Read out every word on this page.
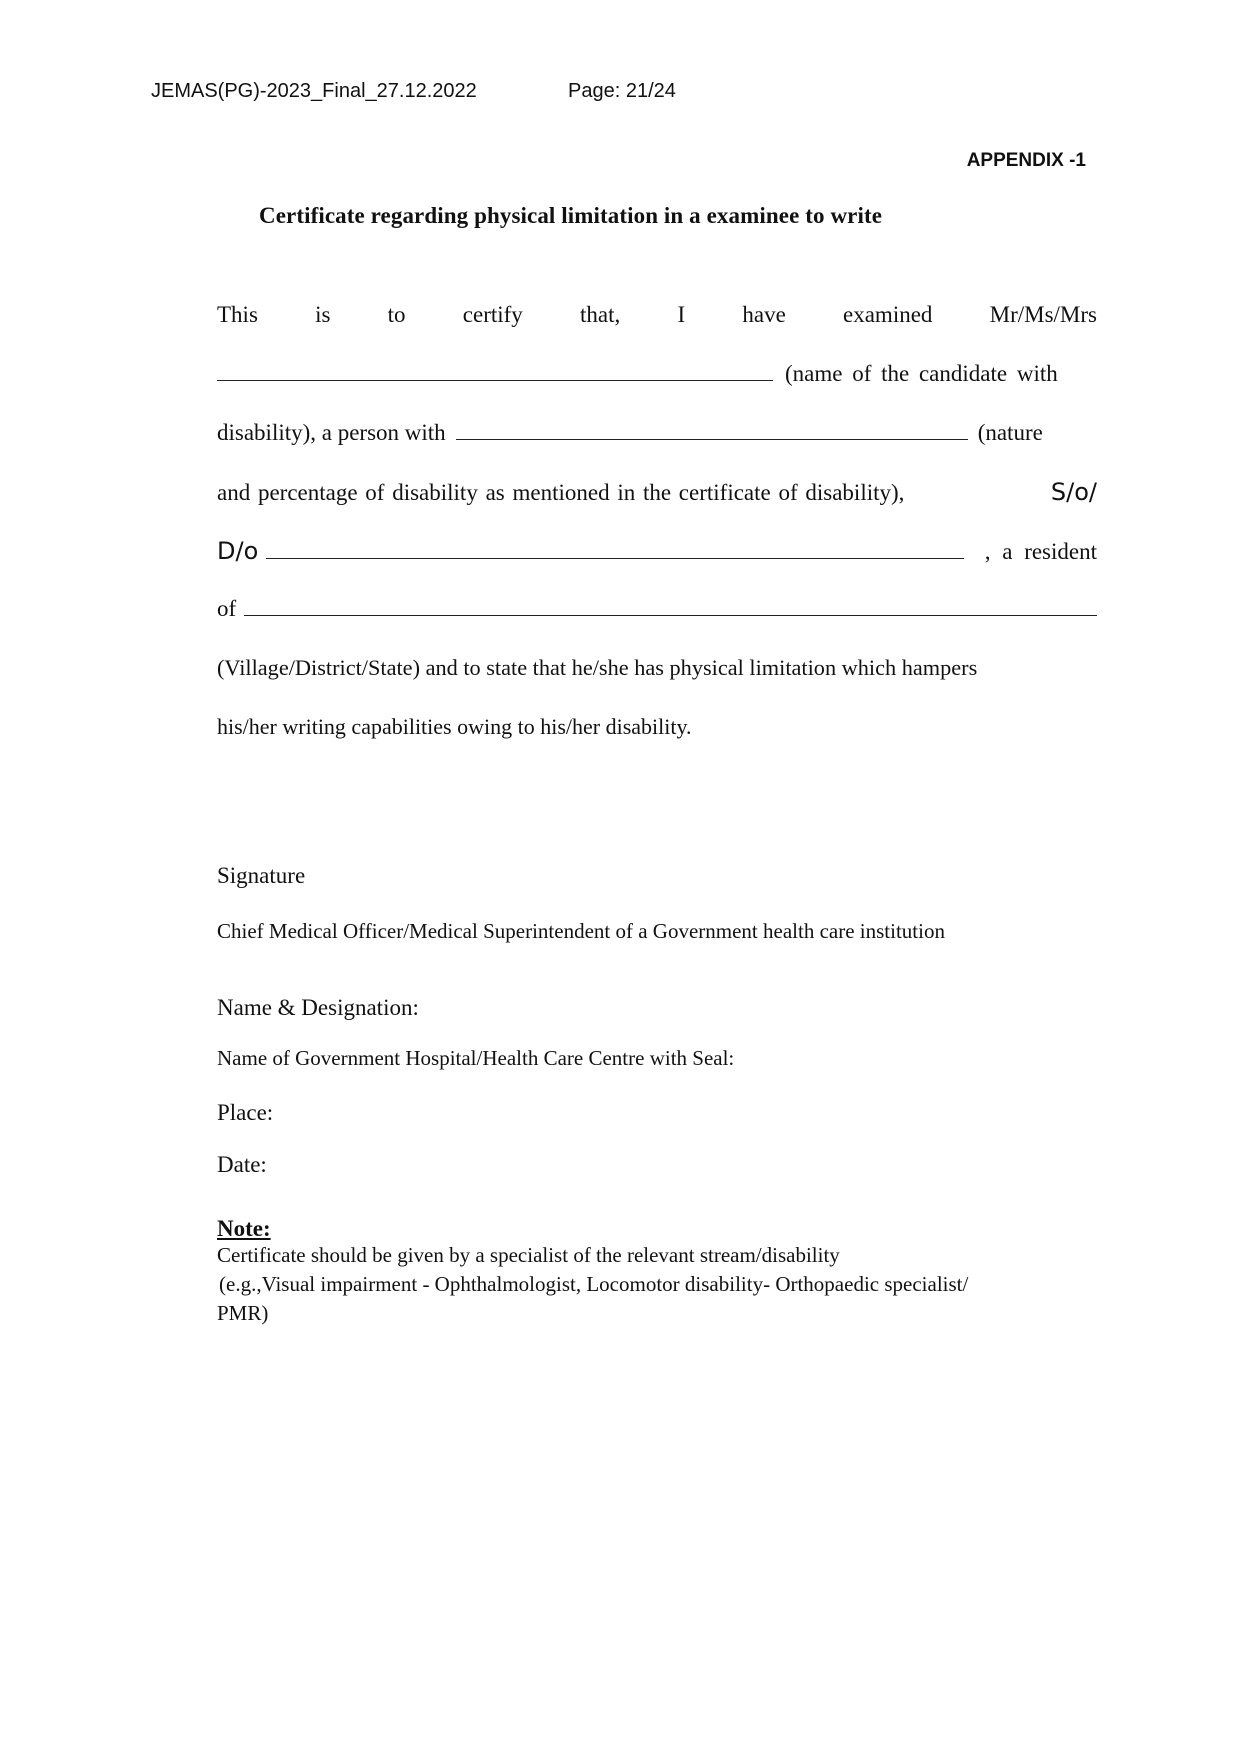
JEMAS(PG)-2023_Final_27.12.2022	Page: 21/24
APPENDIX -1
Certificate regarding physical limitation in a examinee to write
This is to certify that, I have examined Mr/Ms/Mrs
(name of the candidate with
disability), a person with	(nature
and percentage of disability as mentioned in the certificate of disability),	S/o/
D/o	, a resident
of
(Village/District/State) and to state that he/she has physical limitation which hampers
his/her writing capabilities owing to his/her disability.
Signature
Chief Medical Officer/Medical Superintendent of a Government health care institution
Name & Designation:
Name of Government Hospital/Health Care Centre with Seal:
Place:
Date:
Note:
Certificate should be given by a specialist of the relevant stream/disability
(e.g.,Visual impairment - Ophthalmologist, Locomotor disability- Orthopaedic specialist/
PMR)
